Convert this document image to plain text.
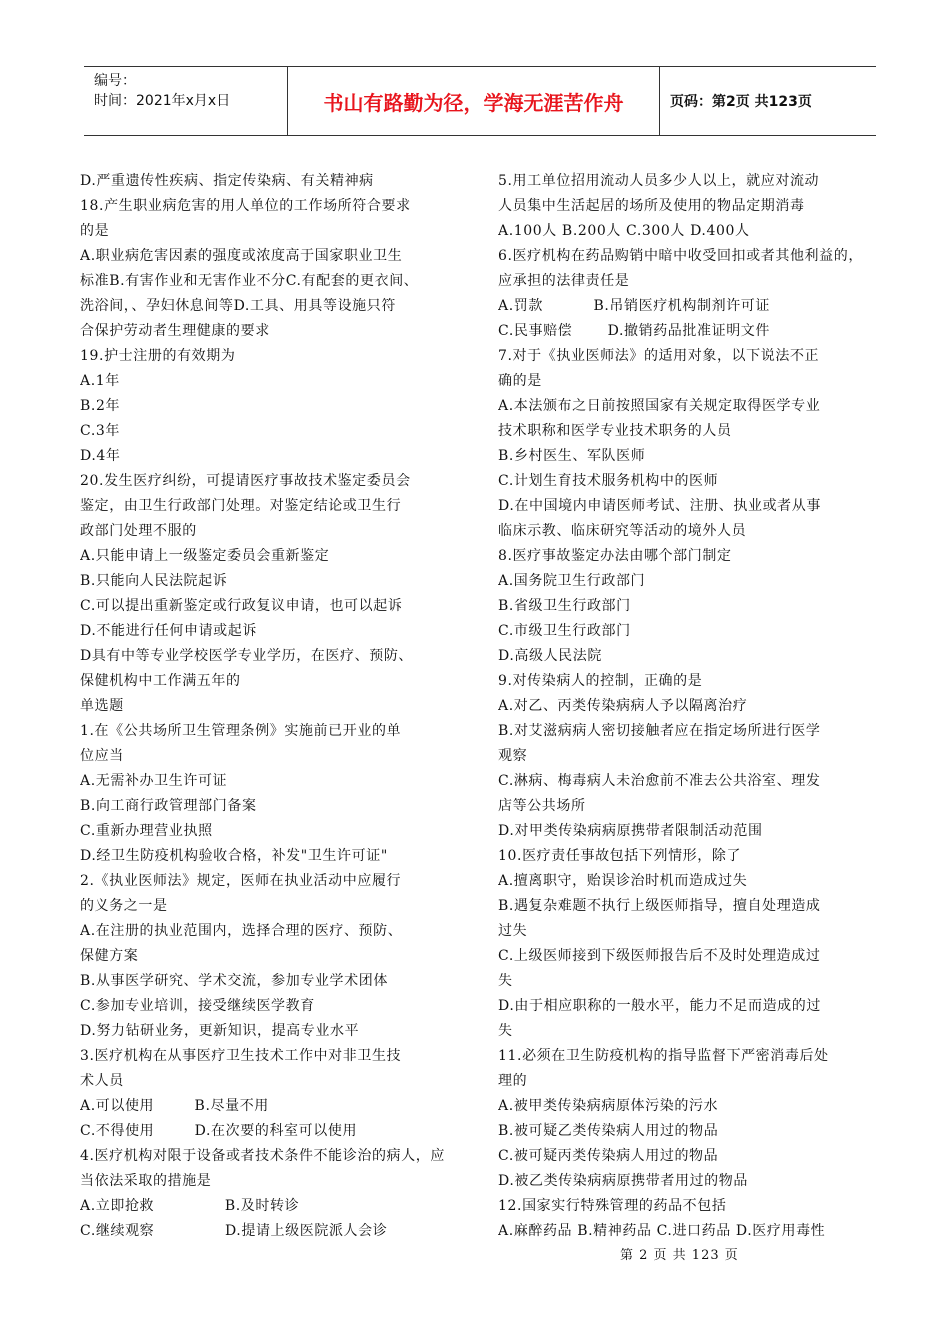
编号：
时间：2021年x月x日	书山有路勤为径，学海无涯苦作舟	页码：第2页 共123页
D.严重遗传性疾病、指定传染病、有关精神病
18.产生职业病危害的用人单位的工作场所符合要求
的是
A.职业病危害因素的强度或浓度高于国家职业卫生
标准B.有害作业和无害作业不分C.有配套的更衣间、
洗浴间，、孕妇休息间等D.工具、用具等设施只符
合保护劳动者生理健康的要求
19.护士注册的有效期为
A.1年
B.2年
C.3年
D.4年
20.发生医疗纠纷，可提请医疗事故技术鉴定委员会
鉴定，由卫生行政部门处理。对鉴定结论或卫生行
政部门处理不服的
A.只能申请上一级鉴定委员会重新鉴定
B.只能向人民法院起诉
C.可以提出重新鉴定或行政复议申请，也可以起诉
D.不能进行任何申请或起诉
D具有中等专业学校医学专业学历，在医疗、预防、
保健机构中工作满五年的
单选题
1.在《公共场所卫生管理条例》实施前已开业的单
位应当
A.无需补办卫生许可证
B.向工商行政管理部门备案
C.重新办理营业执照
D.经卫生防疫机构验收合格，补发"卫生许可证"
2.《执业医师法》规定，医师在执业活动中应履行
的义务之一是
A.在注册的执业范围内，选择合理的医疗、预防、
保健方案
B.从事医学研究、学术交流，参加专业学术团体
C.参加专业培训，接受继续医学教育
D.努力钻研业务，更新知识，提高专业水平
3.医疗机构在从事医疗卫生技术工作中对非卫生技
术人员
A.可以使用        B.尽量不用
C.不得使用        D.在次要的科室可以使用
4.医疗机构对限于设备或者技术条件不能诊治的病人，应
当依法采取的措施是
A.立即抢救              B.及时转诊
C.继续观察              D.提请上级医院派人会诊
5.用工单位招用流动人员多少人以上，就应对流动
人员集中生活起居的场所及使用的物品定期消毒
A.100人 B.200人 C.300人 D.400人
6.医疗机构在药品购销中暗中收受回扣或者其他利益的，
应承担的法律责任是
A.罚款          B.吊销医疗机构制剂许可证
C.民事赔偿       D.撤销药品批准证明文件
7.对于《执业医师法》的适用对象，以下说法不正
确的是
A.本法颁布之日前按照国家有关规定取得医学专业
技术职称和医学专业技术职务的人员
B.乡村医生、军队医师
C.计划生育技术服务机构中的医师
D.在中国境内申请医师考试、注册、执业或者从事
临床示教、临床研究等活动的境外人员
8.医疗事故鉴定办法由哪个部门制定
A.国务院卫生行政部门
B.省级卫生行政部门
C.市级卫生行政部门
D.高级人民法院
9.对传染病人的控制，正确的是
A.对乙、丙类传染病病人予以隔离治疗
B.对艾滋病病人密切接触者应在指定场所进行医学
观察
C.淋病、梅毒病人未治愈前不准去公共浴室、理发
店等公共场所
D.对甲类传染病病原携带者限制活动范围
10.医疗责任事故包括下列情形，除了
A.擅离职守，贻误诊治时机而造成过失
B.遇复杂难题不执行上级医师指导，擅自处理造成
过失
C.上级医师接到下级医师报告后不及时处理造成过
失
D.由于相应职称的一般水平，能力不足而造成的过
失
11.必须在卫生防疫机构的指导监督下严密消毒后处
理的
A.被甲类传染病病原体污染的污水
B.被可疑乙类传染病人用过的物品
C.被可疑丙类传染病人用过的物品
D.被乙类传染病病原携带者用过的物品
12.国家实行特殊管理的药品不包括
A.麻醉药品 B.精神药品 C.进口药品 D.医疗用毒性
第 2 页 共 123 页
